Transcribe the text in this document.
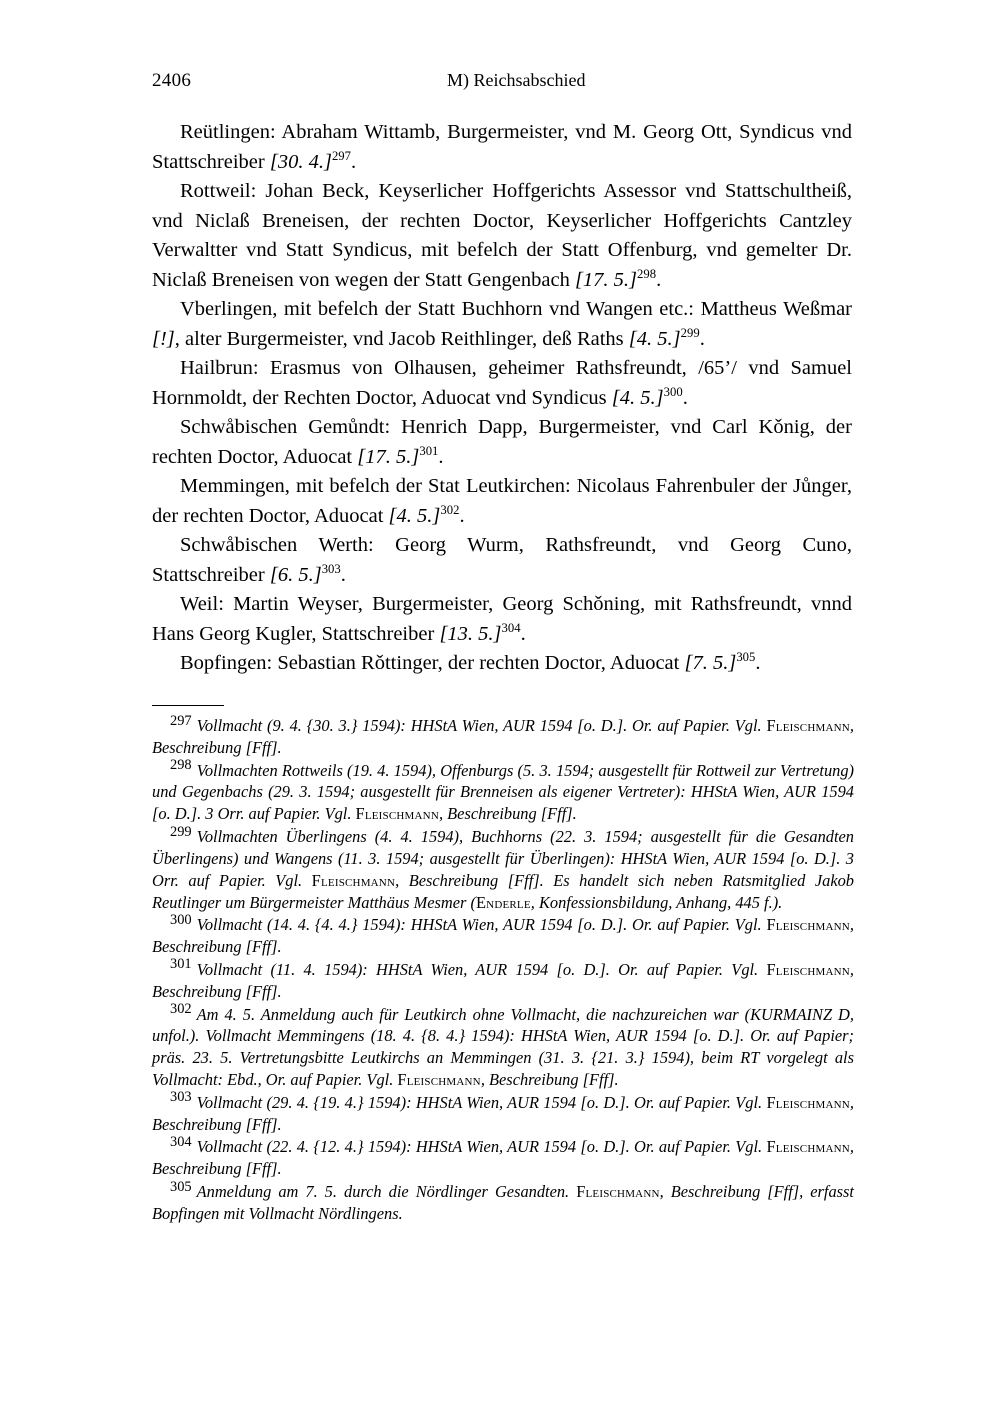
2406	M) Reichsabschied

Reütlingen: Abraham Wittamb, Burgermeister, vnd M. Georg Ott, Syndicus vnd Stattschreiber [30. 4.]$^{297}$.

Rottweil: Johan Beck, Keyserlicher Hoffgerichts Assessor vnd Stattschultheiß, vnd Niclaß Breneisen, der rechten Doctor, Keyserlicher Hoffgerichts Cantzley Verwaltter vnd Statt Syndicus, mit befelch der Statt Offenburg, vnd gemelter Dr. Niclaß Breneisen von wegen der Statt Gengenbach [17. 5.]$^{298}$.

Vberlingen, mit befelch der Statt Buchhorn vnd Wangen etc.: Mattheus Weßmar [!], alter Burgermeister, vnd Jacob Reithlinger, deß Raths [4. 5.]$^{299}$.

Hailbrun: Erasmus von Olhausen, geheimer Rathsfreundt, /65’/ vnd Samuel Hornmoldt, der Rechten Doctor, Aduocat vnd Syndicus [4. 5.]$^{300}$.

Schwåbischen Gemůndt: Henrich Dapp, Burgermeister, vnd Carl Kǒnig, der rechten Doctor, Aduocat [17. 5.]$^{301}$.

Memmingen, mit befelch der Stat Leutkirchen: Nicolaus Fahrenbuler der Jůnger, der rechten Doctor, Aduocat [4. 5.]$^{302}$.

Schwåbischen Werth: Georg Wurm, Rathsfreundt, vnd Georg Cuno, Stattschreiber [6. 5.]$^{303}$.

Weil: Martin Weyser, Burgermeister, Georg Schǒning, mit Rathsfreundt, vnnd Hans Georg Kugler, Stattschreiber [13. 5.]$^{304}$.

Bopfingen: Sebastian Rǒttinger, der rechten Doctor, Aduocat [7. 5.]$^{305}$.

297 Vollmacht (9. 4. {30. 3.} 1594): HHStA Wien, AUR 1594 [o. D.]. Or. auf Papier. Vgl. Fleischmann, Beschreibung [Fff].

298 Vollmachten Rottweils (19. 4. 1594), Offenburgs (5. 3. 1594; ausgestellt für Rottweil zur Vertretung) und Gegenbachs (29. 3. 1594; ausgestellt für Brenneisen als eigener Vertreter): HHStA Wien, AUR 1594 [o. D.]. 3 Orr. auf Papier. Vgl. Fleischmann, Beschreibung [Fff].

299 Vollmachten Überlingens (4. 4. 1594), Buchhorns (22. 3. 1594; ausgestellt für die Gesandten Überlingens) und Wangens (11. 3. 1594; ausgestellt für Überlingen): HHStA Wien, AUR 1594 [o. D.]. 3 Orr. auf Papier. Vgl. Fleischmann, Beschreibung [Fff]. Es handelt sich neben Ratsmitglied Jakob Reutlinger um Bürgermeister Matthäus Mesmer (Enderle, Konfessionsbildung, Anhang, 445 f.).

300 Vollmacht (14. 4. {4. 4.} 1594): HHStA Wien, AUR 1594 [o. D.]. Or. auf Papier. Vgl. Fleischmann, Beschreibung [Fff].

301 Vollmacht (11. 4. 1594): HHStA Wien, AUR 1594 [o. D.]. Or. auf Papier. Vgl. Fleischmann, Beschreibung [Fff].

302 Am 4. 5. Anmeldung auch für Leutkirch ohne Vollmacht, die nachzureichen war (KURMAINZ D, unfol.). Vollmacht Memmingens (18. 4. {8. 4.} 1594): HHStA Wien, AUR 1594 [o. D.]. Or. auf Papier; präs. 23. 5. Vertretungsbitte Leutkirchs an Memmingen (31. 3. {21. 3.} 1594), beim RT vorgelegt als Vollmacht: Ebd., Or. auf Papier. Vgl. Fleischmann, Beschreibung [Fff].

303 Vollmacht (29. 4. {19. 4.} 1594): HHStA Wien, AUR 1594 [o. D.]. Or. auf Papier. Vgl. Fleischmann, Beschreibung [Fff].

304 Vollmacht (22. 4. {12. 4.} 1594): HHStA Wien, AUR 1594 [o. D.]. Or. auf Papier. Vgl. Fleischmann, Beschreibung [Fff].

305 Anmeldung am 7. 5. durch die Nördlinger Gesandten. Fleischmann, Beschreibung [Fff], erfasst Bopfingen mit Vollmacht Nördlingens.
